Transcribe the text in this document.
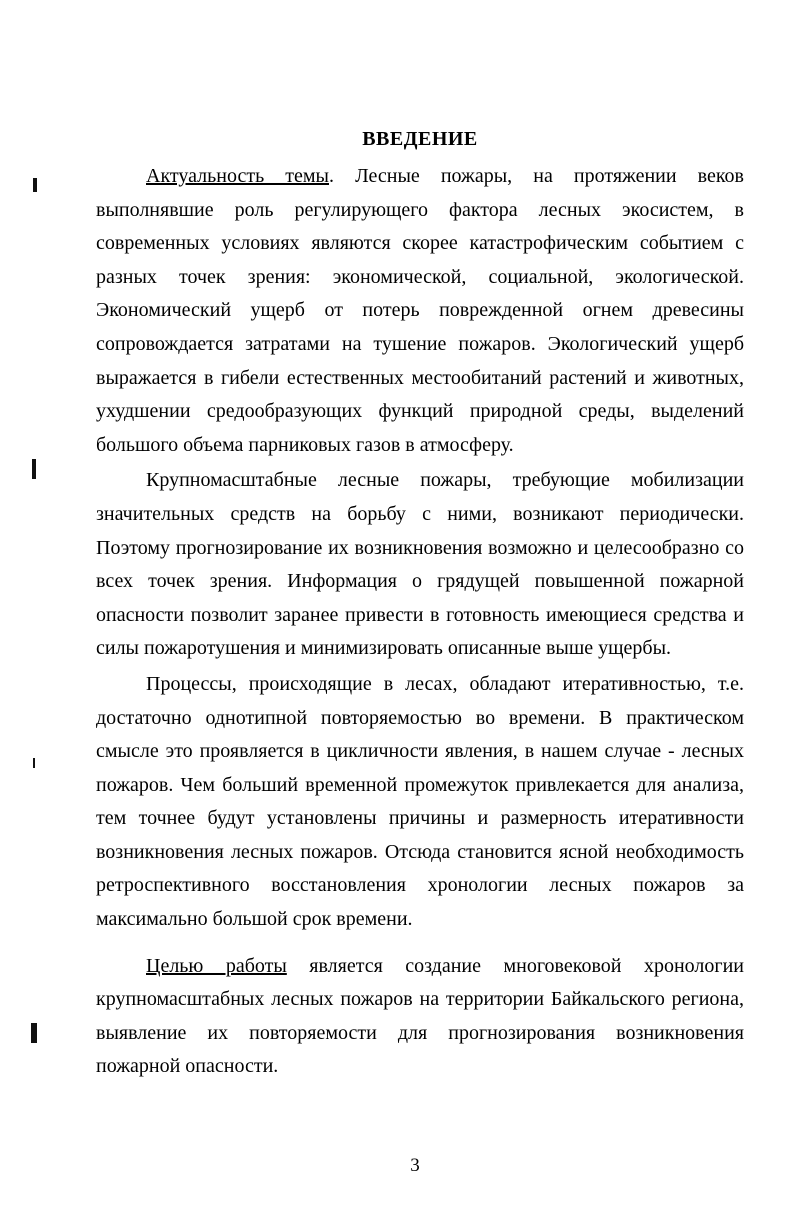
ВВЕДЕНИЕ

Актуальность темы. Лесные пожары, на протяжении веков выполнявшие роль регулирующего фактора лесных экосистем, в современных условиях являются скорее катастрофическим событием с разных точек зрения: экономической, социальной, экологической. Экономический ущерб от потерь поврежденной огнем древесины сопровождается затратами на тушение пожаров. Экологический ущерб выражается в гибели естественных местообитаний растений и животных, ухудшении средообразующих функций природной среды, выделений большого объема парниковых газов в атмосферу.

Крупномасштабные лесные пожары, требующие мобилизации значительных средств на борьбу с ними, возникают периодически. Поэтому прогнозирование их возникновения возможно и целесообразно со всех точек зрения. Информация о грядущей повышенной пожарной опасности позволит заранее привести в готовность имеющиеся средства и силы пожаротушения и минимизировать описанные выше ущербы.

Процессы, происходящие в лесах, обладают итеративностью, т.е. достаточно однотипной повторяемостью во времени. В практическом смысле это проявляется в цикличности явления, в нашем случае - лесных пожаров. Чем больший временной промежуток привлекается для анализа, тем точнее будут установлены причины и размерность итеративности возникновения лесных пожаров. Отсюда становится ясной необходимость ретроспективного восстановления хронологии лесных пожаров за максимально большой срок времени.

Целью работы является создание многовековой хронологии крупномасштабных лесных пожаров на территории Байкальского региона, выявление их повторяемости для прогнозирования возникновения пожарной опасности.

3
